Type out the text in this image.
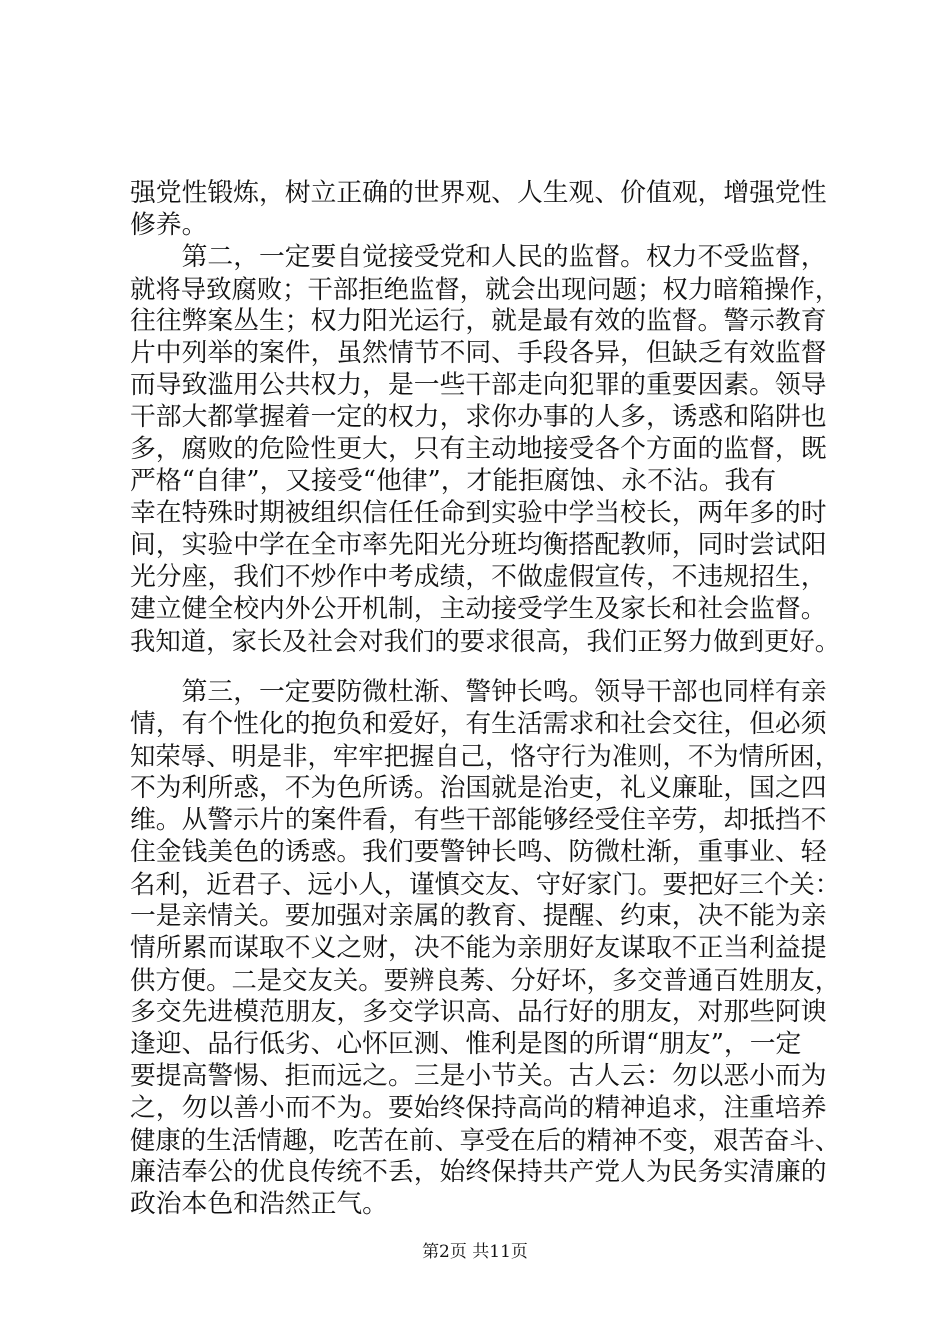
强党性锻炼，树立正确的世界观、人生观、价值观，增强党性
修养。
　　第二，一定要自觉接受党和人民的监督。权力不受监督，
就将导致腐败；干部拒绝监督，就会出现问题；权力暗箱操作，
往往弊案丛生；权力阳光运行，就是最有效的监督。警示教育
片中列举的案件，虽然情节不同、手段各异，但缺乏有效监督
而导致滥用公共权力，是一些干部走向犯罪的重要因素。领导
干部大都掌握着一定的权力，求你办事的人多，诱惑和陷阱也
多，腐败的危险性更大，只有主动地接受各个方面的监督，既
严格“自律”，又接受“他律”，才能拒腐蚀、永不沾。我有
幸在特殊时期被组织信任任命到实验中学当校长，两年多的时
间，实验中学在全市率先阳光分班均衡搭配教师，同时尝试阳
光分座，我们不炒作中考成绩，不做虚假宣传，不违规招生，
建立健全校内外公开机制，主动接受学生及家长和社会监督。
我知道，家长及社会对我们的要求很高，我们正努力做到更好。
　　第三，一定要防微杜渐、警钟长鸣。领导干部也同样有亲
情，有个性化的抱负和爱好，有生活需求和社会交往，但必须
知荣辱、明是非，牢牢把握自己，恪守行为准则，不为情所困，
不为利所惑，不为色所诱。治国就是治吏，礼义廉耻，国之四
维。从警示片的案件看，有些干部能够经受住辛劳，却抵挡不
住金钱美色的诱惑。我们要警钟长鸣、防微杜渐，重事业、轻
名利，近君子、远小人，谨慎交友、守好家门。要把好三个关：
一是亲情关。要加强对亲属的教育、提醒、约束，决不能为亲
情所累而谋取不义之财，决不能为亲朋好友谋取不正当利益提
供方便。二是交友关。要辨良莠、分好坏，多交普通百姓朋友，
多交先进模范朋友，多交学识高、品行好的朋友，对那些阿谀
逢迎、品行低劣、心怀叵测、惟利是图的所谓“朋友”，一定
要提高警惕、拒而远之。三是小节关。古人云：勿以恶小而为
之，勿以善小而不为。要始终保持高尚的精神追求，注重培养
健康的生活情趣，吃苦在前、享受在后的精神不变，艰苦奋斗、
廉洁奉公的优良传统不丢，始终保持共产党人为民务实清廉的
政治本色和浩然正气。
第2页 共11页
